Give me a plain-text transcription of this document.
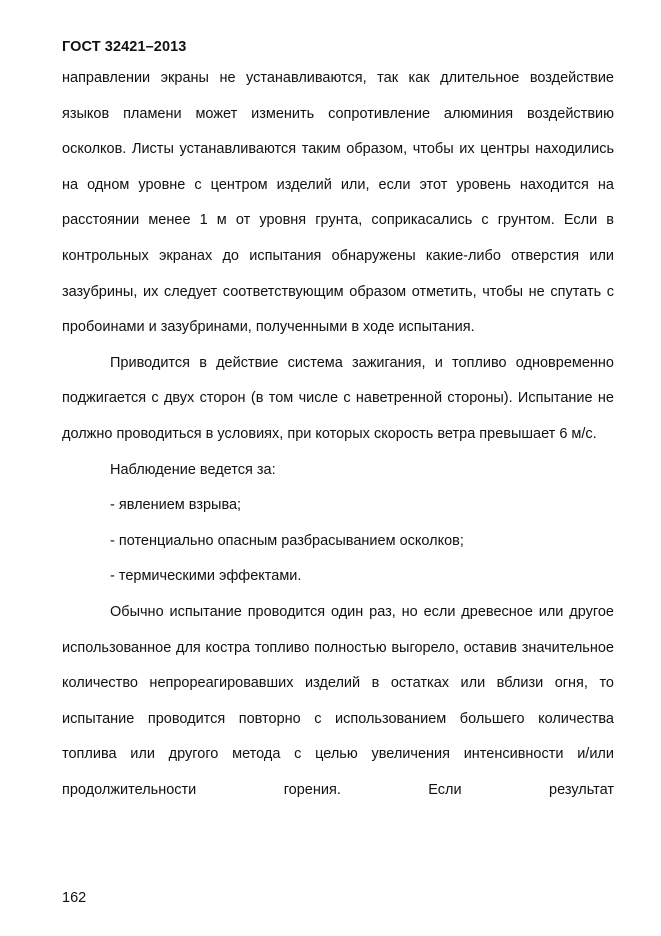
ГОСТ 32421–2013

направлении экраны не устанавливаются, так как длительное воздействие языков пламени может изменить сопротивление алюминия воздействию осколков. Листы устанавливаются таким образом, чтобы их центры находились на одном уровне с центром изделий или, если этот уровень находится на расстоянии менее 1 м от уровня грунта, соприкасались с грунтом. Если в контрольных экранах до испытания обнаружены какие-либо отверстия или зазубрины, их следует соответствующим образом отметить, чтобы не спутать с пробоинами и зазубринами, полученными в ходе испытания.

Приводится в действие система зажигания, и топливо одновременно поджигается с двух сторон (в том числе с наветренной стороны). Испытание не должно проводиться в условиях, при которых скорость ветра превышает 6 м/с.

Наблюдение ведется за:

- явлением взрыва;

- потенциально опасным разбрасыванием осколков;

- термическими эффектами.

Обычно испытание проводится один раз, но если древесное или другое использованное для костра топливо полностью выгорело, оставив значительное количество непрореагировавших изделий в остатках или вблизи огня, то испытание проводится повторно с использованием большего количества топлива или другого метода с целью увеличения интенсивности и/или продолжительности горения. Если результат

162
